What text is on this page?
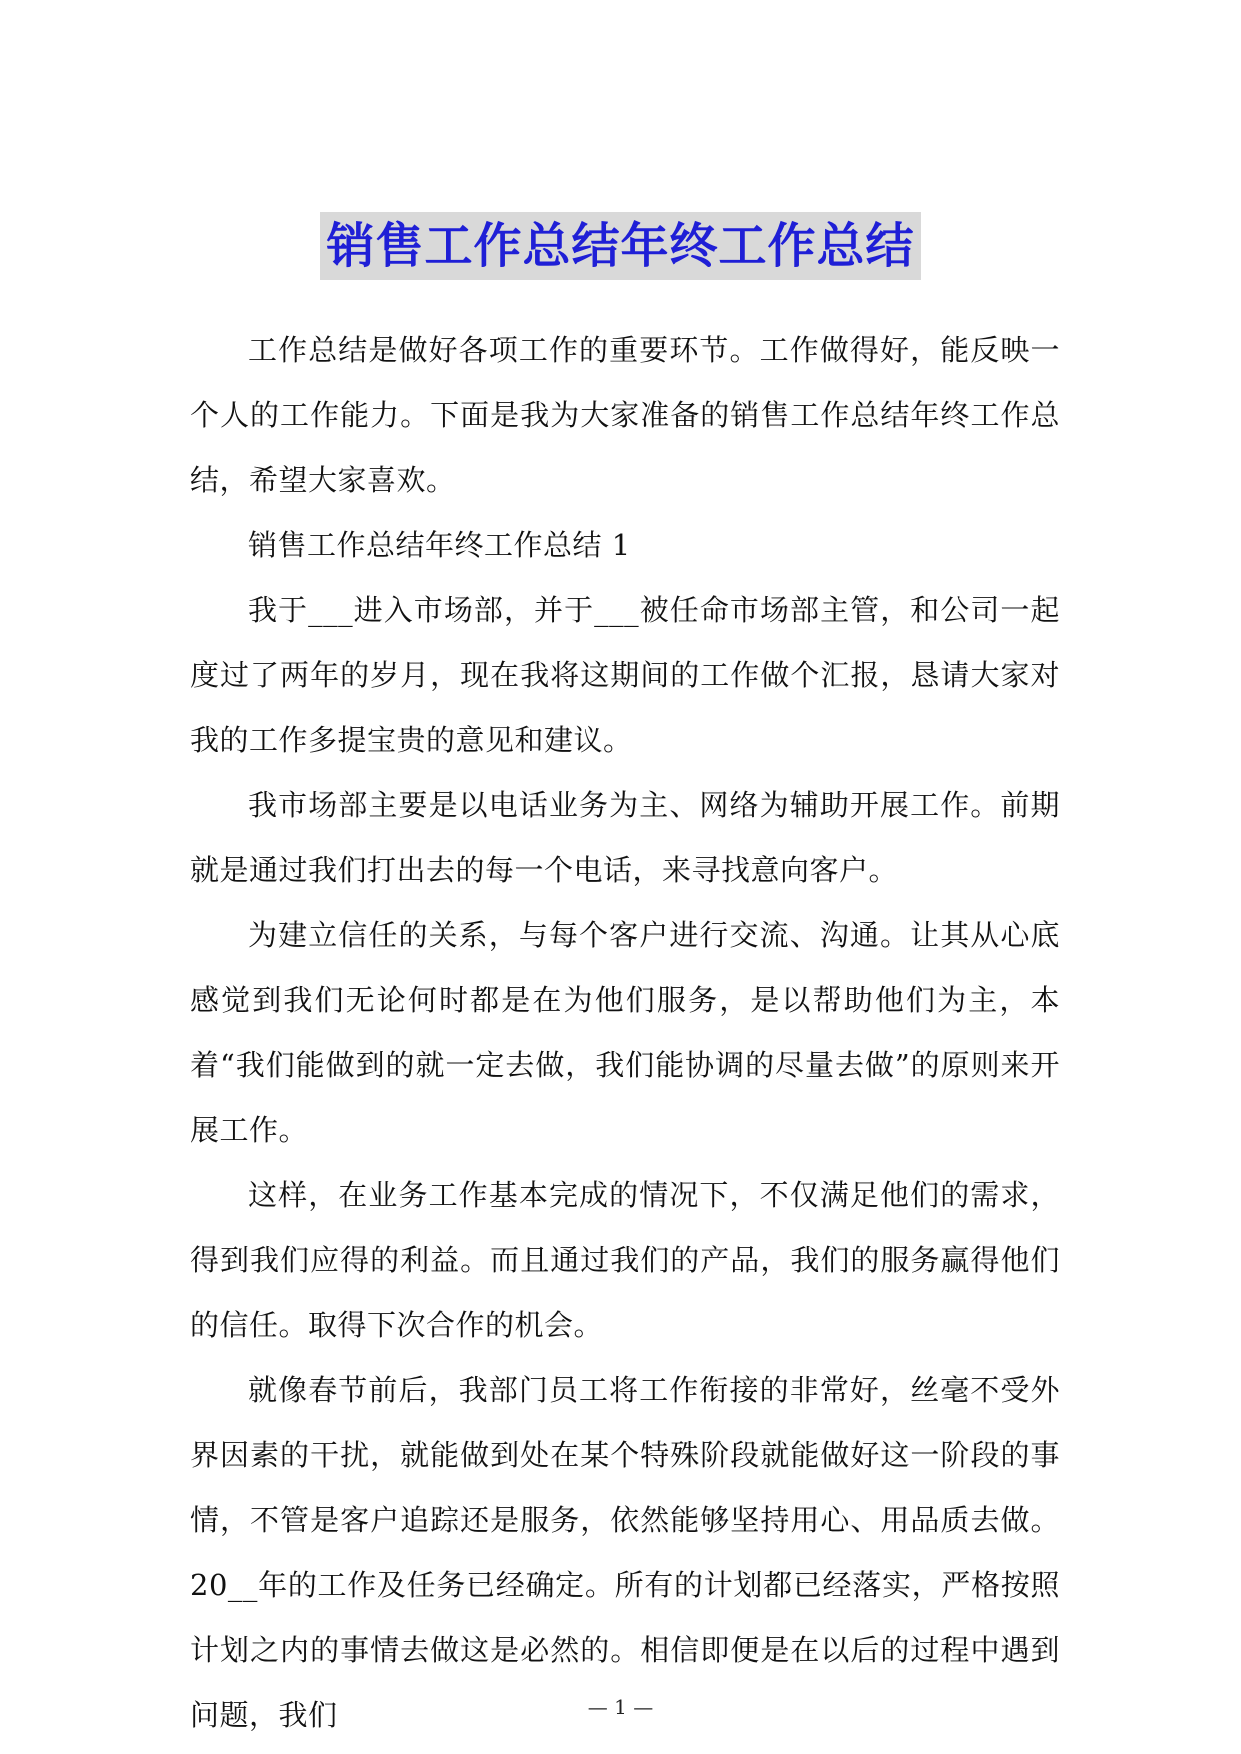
销售工作总结年终工作总结

工作总结是做好各项工作的重要环节。工作做得好，能反映一个人的工作能力。下面是我为大家准备的销售工作总结年终工作总结，希望大家喜欢。

销售工作总结年终工作总结 1

我于___进入市场部，并于___被任命市场部主管，和公司一起度过了两年的岁月，现在我将这期间的工作做个汇报，恳请大家对我的工作多提宝贵的意见和建议。

我市场部主要是以电话业务为主、网络为辅助开展工作。前期就是通过我们打出去的每一个电话，来寻找意向客户。

为建立信任的关系，与每个客户进行交流、沟通。让其从心底感觉到我们无论何时都是在为他们服务，是以帮助他们为主，本着“我们能做到的就一定去做，我们能协调的尽量去做”的原则来开展工作。

这样，在业务工作基本完成的情况下，不仅满足他们的需求，得到我们应得的利益。而且通过我们的产品，我们的服务赢得他们的信任。取得下次合作的机会。

就像春节前后，我部门员工将工作衔接的非常好，丝毫不受外界因素的干扰，就能做到处在某个特殊阶段就能做好这一阶段的事情，不管是客户追踪还是服务，依然能够坚持用心、用品质去做。20__年的工作及任务已经确定。所有的计划都已经落实，严格按照计划之内的事情去做这是必然的。相信即便是在以后的过程中遇到问题，我们	— 1 —
